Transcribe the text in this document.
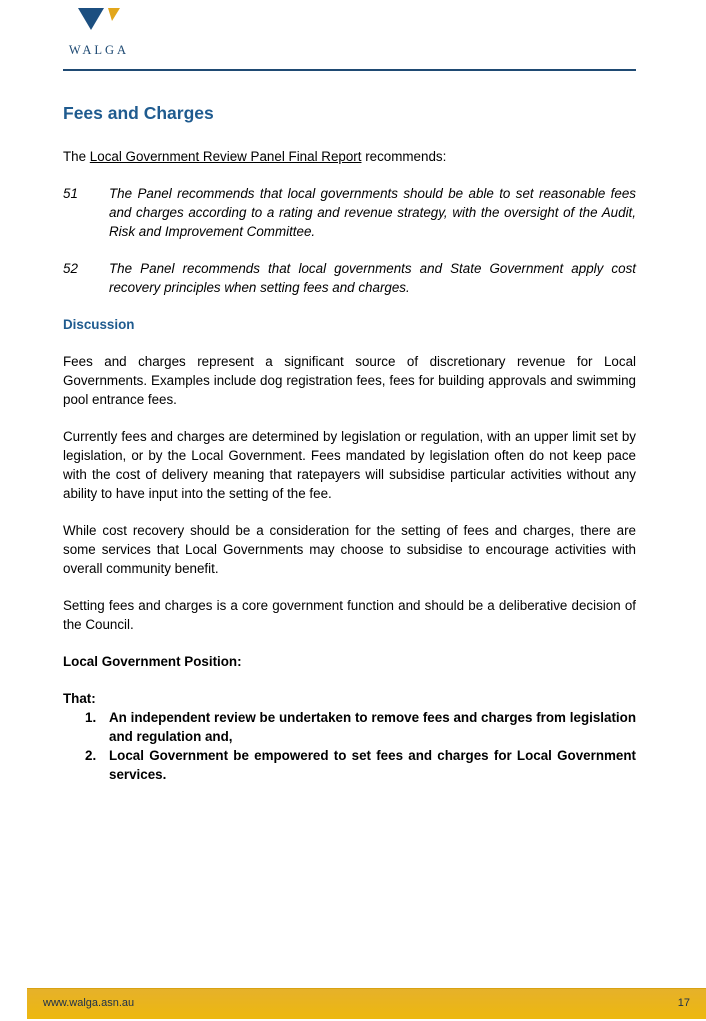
WALGA
Fees and Charges

The Local Government Review Panel Final Report recommends:

51	The Panel recommends that local governments should be able to set reasonable fees and charges according to a rating and revenue strategy, with the oversight of the Audit, Risk and Improvement Committee.
52	The Panel recommends that local governments and State Government apply cost recovery principles when setting fees and charges.
Discussion

Fees and charges represent a significant source of discretionary revenue for Local Governments. Examples include dog registration fees, fees for building approvals and swimming pool entrance fees.

Currently fees and charges are determined by legislation or regulation, with an upper limit set by legislation, or by the Local Government. Fees mandated by legislation often do not keep pace with the cost of delivery meaning that ratepayers will subsidise particular activities without any ability to have input into the setting of the fee.

While cost recovery should be a consideration for the setting of fees and charges, there are some services that Local Governments may choose to subsidise to encourage activities with overall community benefit.

Setting fees and charges is a core government function and should be a deliberative decision of the Council.

Local Government Position:

That:

1. An independent review be undertaken to remove fees and charges from legislation and regulation and,
2. Local Government be empowered to set fees and charges for Local Government services.
www.walga.asn.au	17
